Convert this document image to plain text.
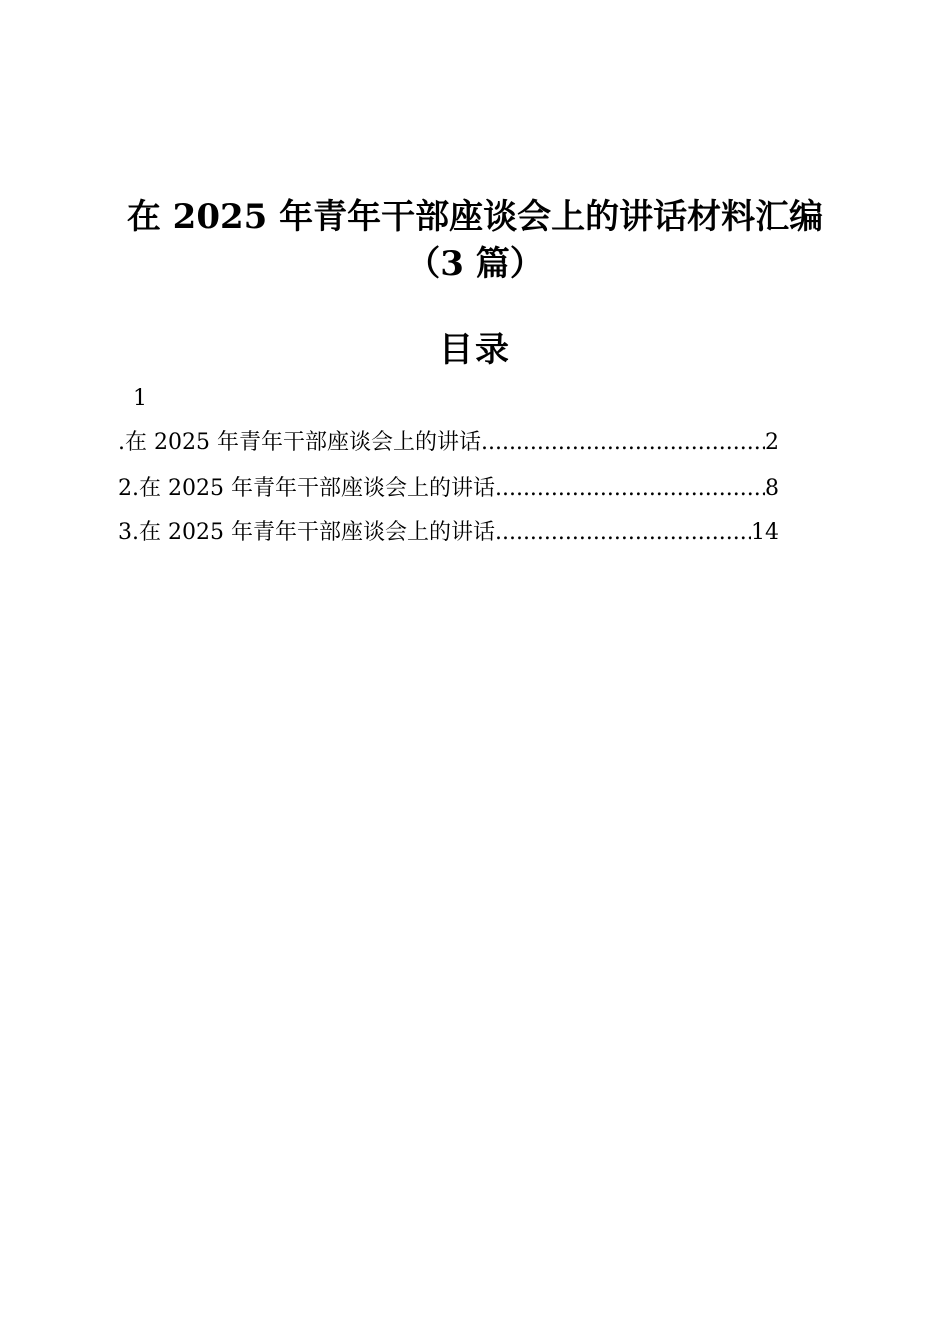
在 2025 年青年干部座谈会上的讲话材料汇编
（3 篇）
目录
1
.在 2025 年青年干部座谈会上的讲话 .....	2
2.在 2025 年青年干部座谈会上的讲话 .....	8
3.在 2025 年青年干部座谈会上的讲话 .....	14
